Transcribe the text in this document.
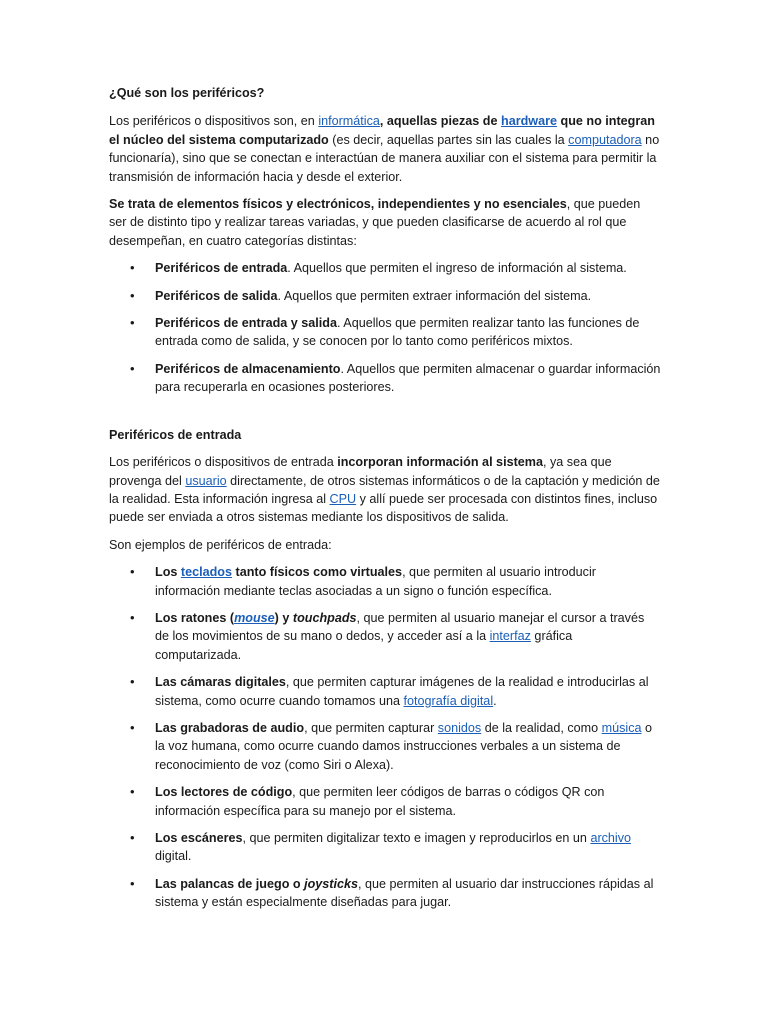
¿Qué son los periféricos?

Los periféricos o dispositivos son, en informática, aquellas piezas de hardware que no integran el núcleo del sistema computarizado (es decir, aquellas partes sin las cuales la computadora no funcionaría), sino que se conectan e interactúan de manera auxiliar con el sistema para permitir la transmisión de información hacia y desde el exterior.

Se trata de elementos físicos y electrónicos, independientes y no esenciales, que pueden ser de distinto tipo y realizar tareas variadas, y que pueden clasificarse de acuerdo al rol que desempeñan, en cuatro categorías distintas:

• Periféricos de entrada. Aquellos que permiten el ingreso de información al sistema.
• Periféricos de salida. Aquellos que permiten extraer información del sistema.
• Periféricos de entrada y salida. Aquellos que permiten realizar tanto las funciones de entrada como de salida, y se conocen por lo tanto como periféricos mixtos.
• Periféricos de almacenamiento. Aquellos que permiten almacenar o guardar información para recuperarla en ocasiones posteriores.

Periféricos de entrada

Los periféricos o dispositivos de entrada incorporan información al sistema, ya sea que provenga del usuario directamente, de otros sistemas informáticos o de la captación y medición de la realidad. Esta información ingresa al CPU y allí puede ser procesada con distintos fines, incluso puede ser enviada a otros sistemas mediante los dispositivos de salida.

Son ejemplos de periféricos de entrada:

• Los teclados tanto físicos como virtuales, que permiten al usuario introducir información mediante teclas asociadas a un signo o función específica.
• Los ratones (mouse) y touchpads, que permiten al usuario manejar el cursor a través de los movimientos de su mano o dedos, y acceder así a la interfaz gráfica computarizada.
• Las cámaras digitales, que permiten capturar imágenes de la realidad e introducirlas al sistema, como ocurre cuando tomamos una fotografía digital.
• Las grabadoras de audio, que permiten capturar sonidos de la realidad, como música o la voz humana, como ocurre cuando damos instrucciones verbales a un sistema de reconocimiento de voz (como Siri o Alexa).
• Los lectores de código, que permiten leer códigos de barras o códigos QR con información específica para su manejo por el sistema.
• Los escáneres, que permiten digitalizar texto e imagen y reproducirlos en un archivo digital.
• Las palancas de juego o joysticks, que permiten al usuario dar instrucciones rápidas al sistema y están especialmente diseñadas para jugar.
